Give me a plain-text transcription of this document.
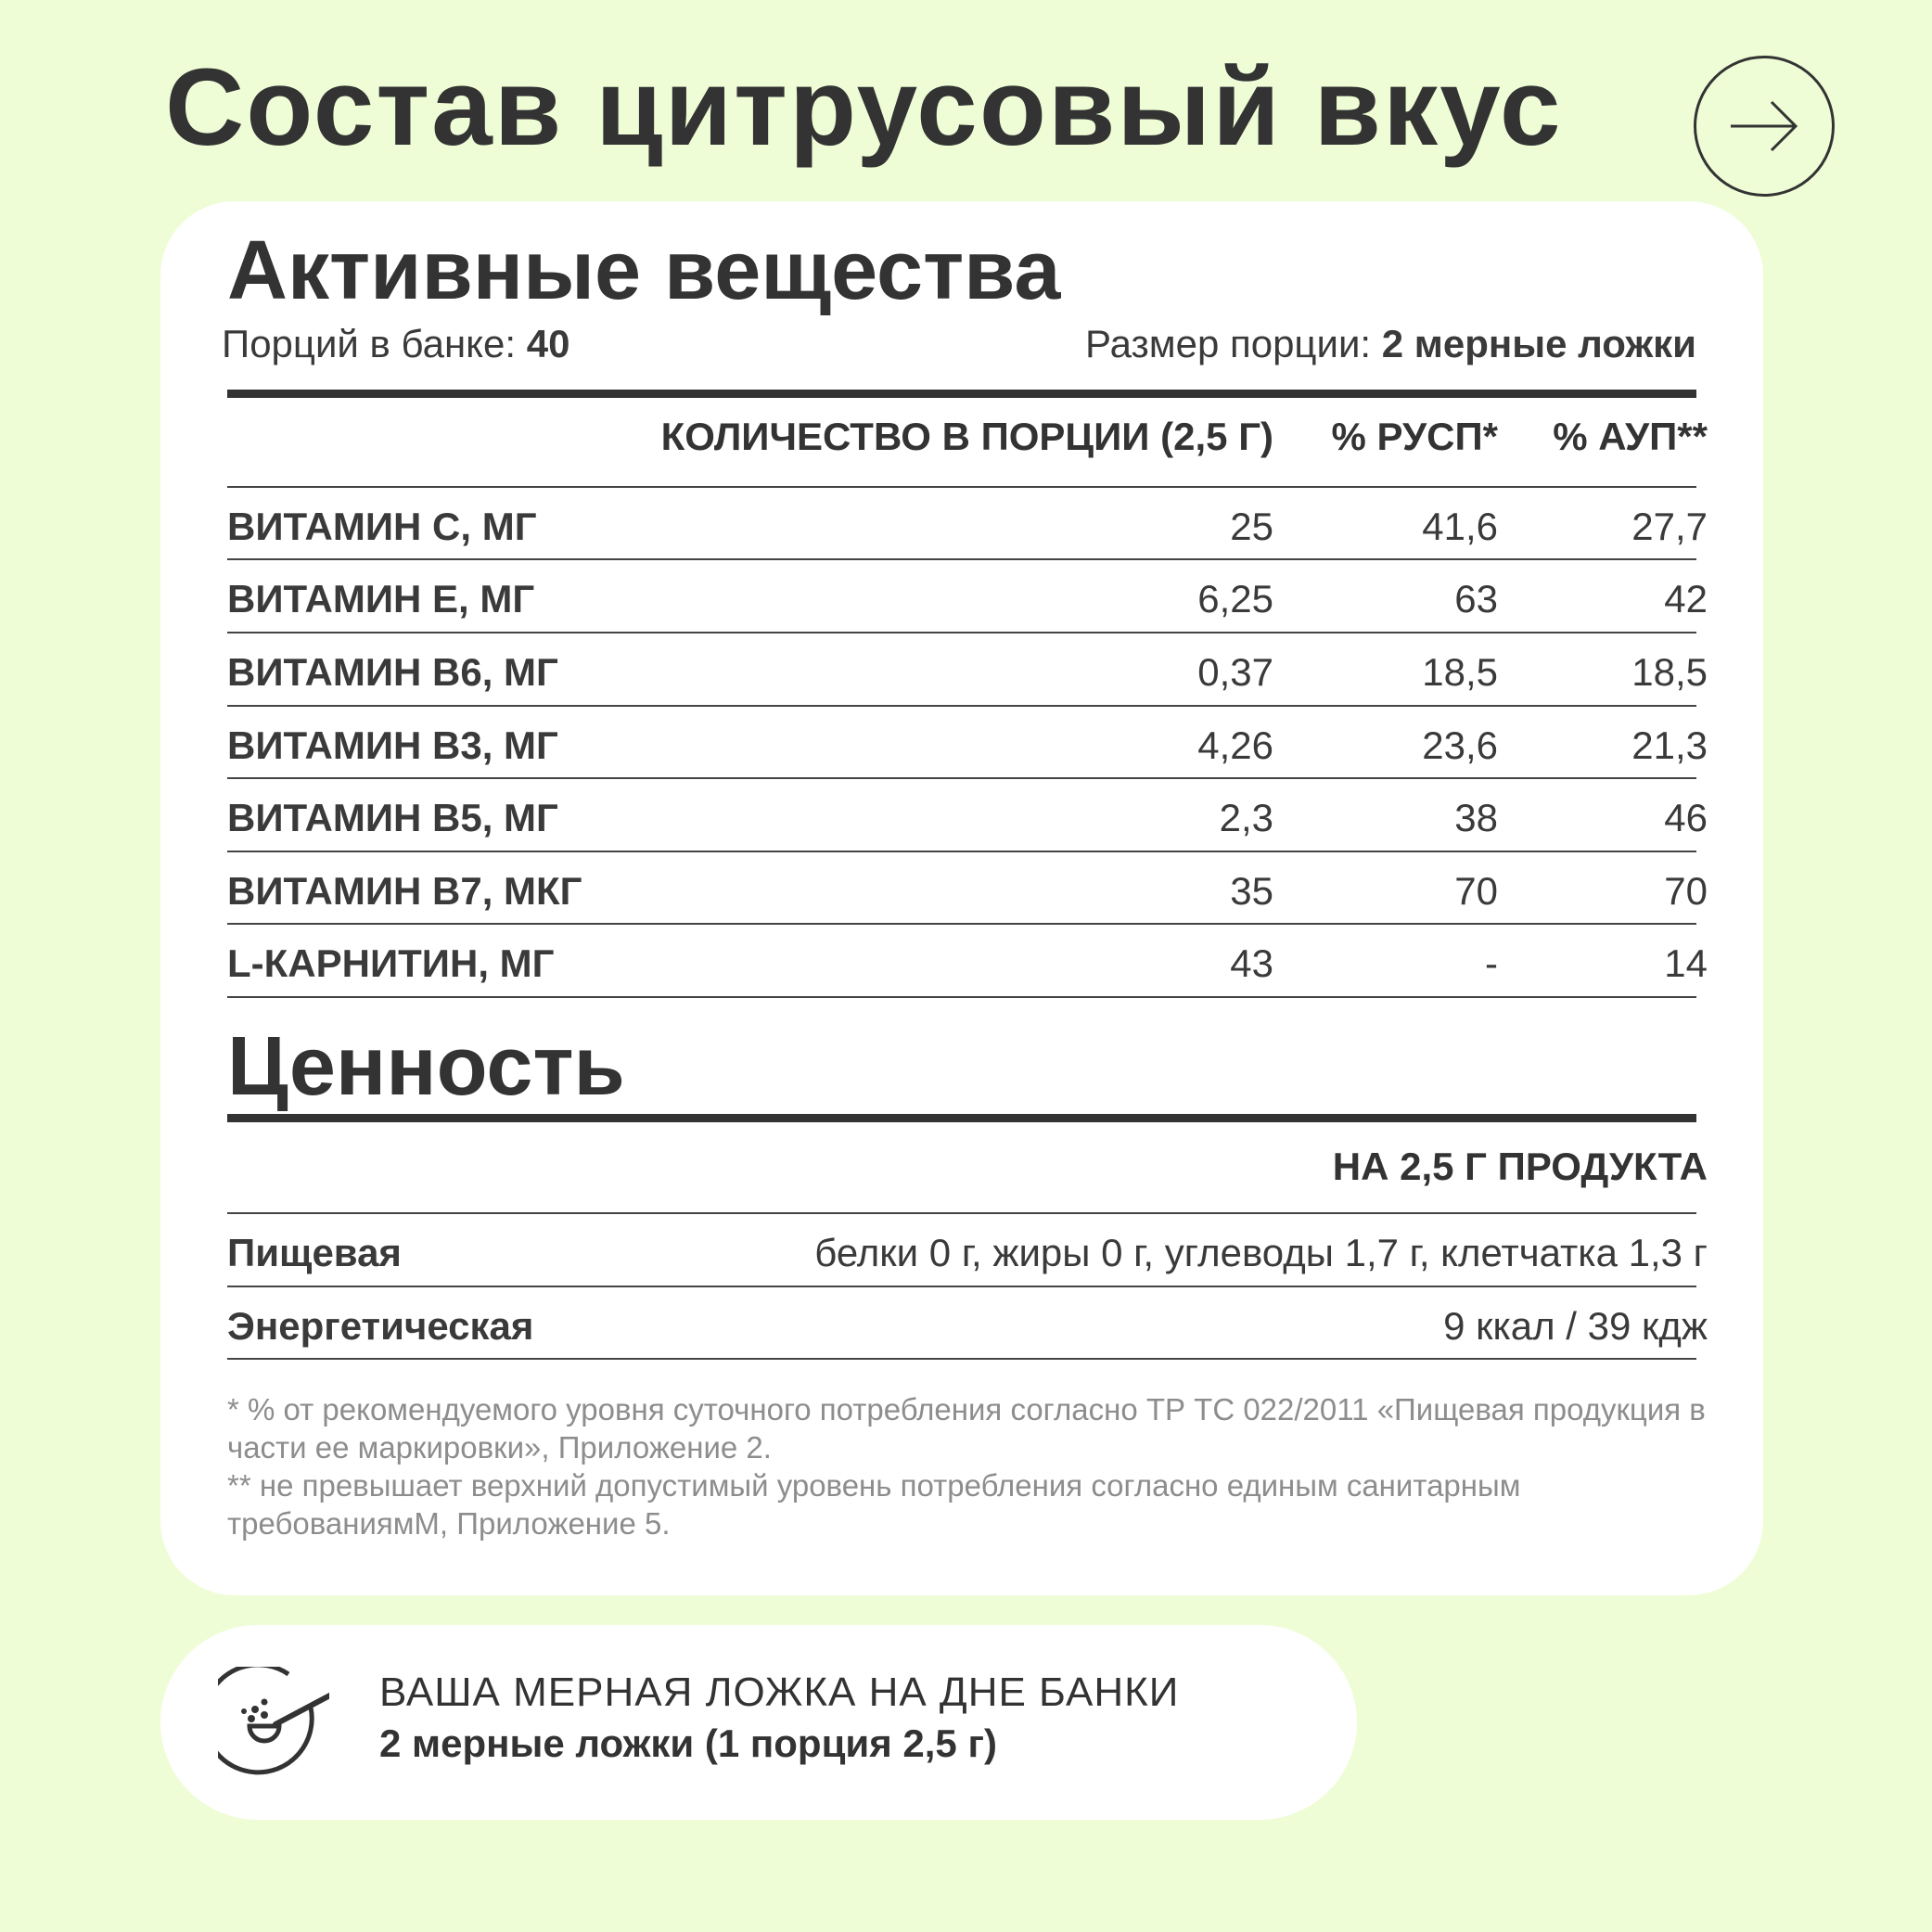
Состав цитрусовый вкус
Активные вещества
Порций в банке: 40	Размер порции: 2 мерные ложки
КОЛИЧЕСТВО В ПОРЦИИ (2,5 Г) % РУСП* % АУП**
ВИТАМИН С, МГ	25	41,6	27,7
ВИТАМИН Е, МГ	6,25	63	42
ВИТАМИН В6, МГ	0,37	18,5	18,5
ВИТАМИН В3, МГ	4,26	23,6	21,3
ВИТАМИН В5, МГ	2,3	38	46
ВИТАМИН В7, МКГ	35	70	70
L-КАРНИТИН, МГ	43	-	14
Ценность
НА 2,5 Г ПРОДУКТА
Пищевая	белки 0 г, жиры 0 г, углеводы 1,7 г, клетчатка 1,3 г
Энергетическая	9 ккал / 39 кдж

* % от рекомендуемого уровня суточного потребления согласно ТР ТС 022/2011 «Пищевая продукция в части ее маркировки», Приложение 2.

** не превышает верхний допустимый уровень потребления согласно единым санитарным требованиямМ, Приложение 5.

ВАША МЕРНАЯ ЛОЖКА НА ДНЕ БАНКИ
2 мерные ложки (1 порция 2,5 г)
